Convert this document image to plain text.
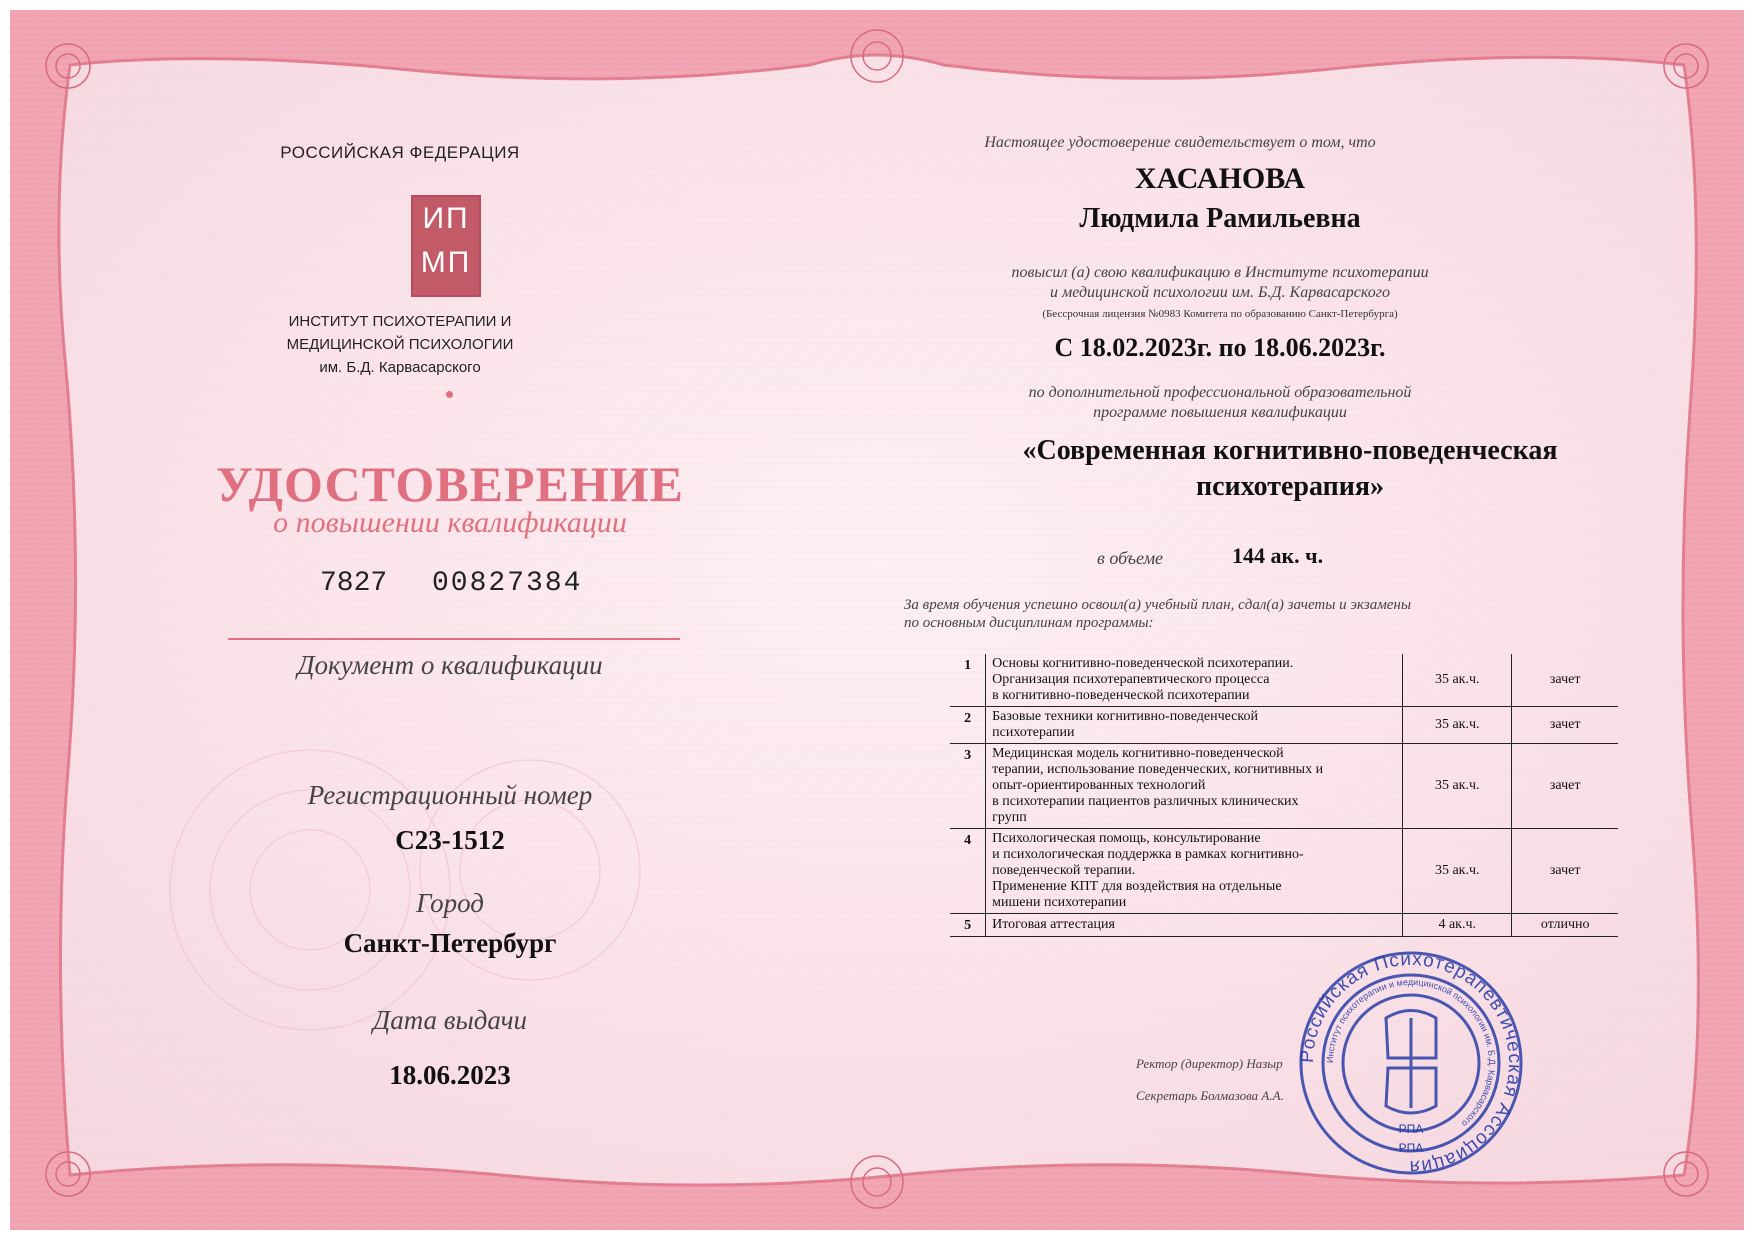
РОССИЙСКАЯ ФЕДЕРАЦИЯ
ИП
МП
ИНСТИТУТ ПСИХОТЕРАПИИ И
МЕДИЦИНСКОЙ ПСИХОЛОГИИ
им. Б.Д. Карвасарского
УДОСТОВЕРЕНИЕ
о повышении квалификации
7827 00827384
Документ о квалификации
Регистрационный номер
С23-1512
Город
Санкт-Петербург
Дата выдачи
18.06.2023
Настоящее удостоверение свидетельствует о том, что
ХАСАНОВА
Людмила Рамильевна
повысил (а) свою квалификацию в Институте психотерапии
и медицинской психологии им. Б.Д. Карвасарского
(Бессрочная лицензия №0983 Комитета по образованию Санкт-Петербурга)
С 18.02.2023г. по 18.06.2023г.
по дополнительной профессиональной образовательной
программе повышения квалификации
«Современная когнитивно-поведенческая
психотерапия»
в объеме	144 ак. ч.
За время обучения успешно освоил(а) учебный план, сдал(а) зачеты и экзамены
по основным дисциплинам программы:
1	Основы когнитивно-поведенческой психотерапии.
Организация психотерапевтического процесса
в когнитивно-поведенческой психотерапии	35 ак.ч.	зачет
2	Базовые техники когнитивно-поведенческой
психотерапии	35 ак.ч.	зачет
3	Медицинская модель когнитивно-поведенческой
терапии, использование поведенческих, когнитивных и
опыт-ориентированных технологий
в психотерапии пациентов различных клинических
групп	35 ак.ч.	зачет
4	Психологическая помощь, консультирование
и психологическая поддержка в рамках когнитивно-
поведенческой терапии.
Применение КПТ для воздействия на отдельные
мишени психотерапии	35 ак.ч.	зачет
5	Итоговая аттестация	4 ак.ч.	отлично
Ректор (директор) Назыр
Секретарь Болмазова А.А.
Российская Психотерапевтическая Ассоциация
Институт психотерапии и медицинской психологии им. Б.Д. Карвасарского
РПА
РПА
